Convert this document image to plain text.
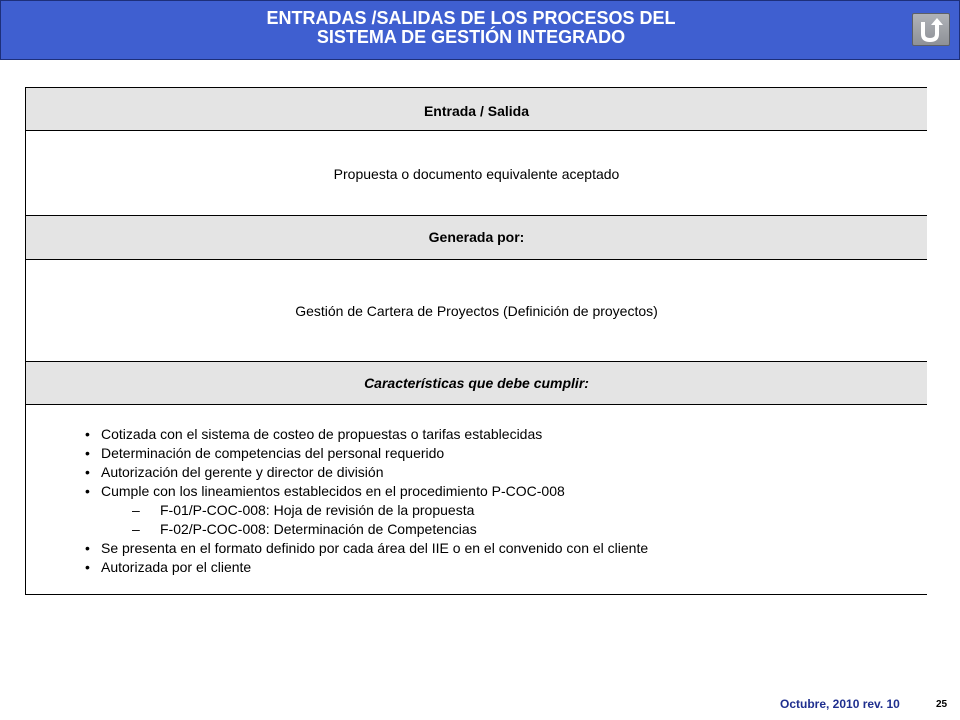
ENTRADAS /SALIDAS DE LOS PROCESOS DEL
SISTEMA DE GESTIÓN INTEGRADO
Entrada / Salida
Propuesta o documento equivalente aceptado
Generada por:
Gestión de Cartera de Proyectos (Definición de proyectos)
Características que debe cumplir:
• Cotizada con el sistema de costeo de propuestas o tarifas establecidas
• Determinación de competencias del personal requerido
• Autorización del gerente y director de división
• Cumple con los lineamientos establecidos en el procedimiento P-COC-008
– F-01/P-COC-008: Hoja de revisión de la propuesta
– F-02/P-COC-008: Determinación de Competencias
• Se presenta en el formato definido por cada área del IIE o en el convenido con el cliente
• Autorizada por el cliente
Octubre, 2010 rev. 10	25
